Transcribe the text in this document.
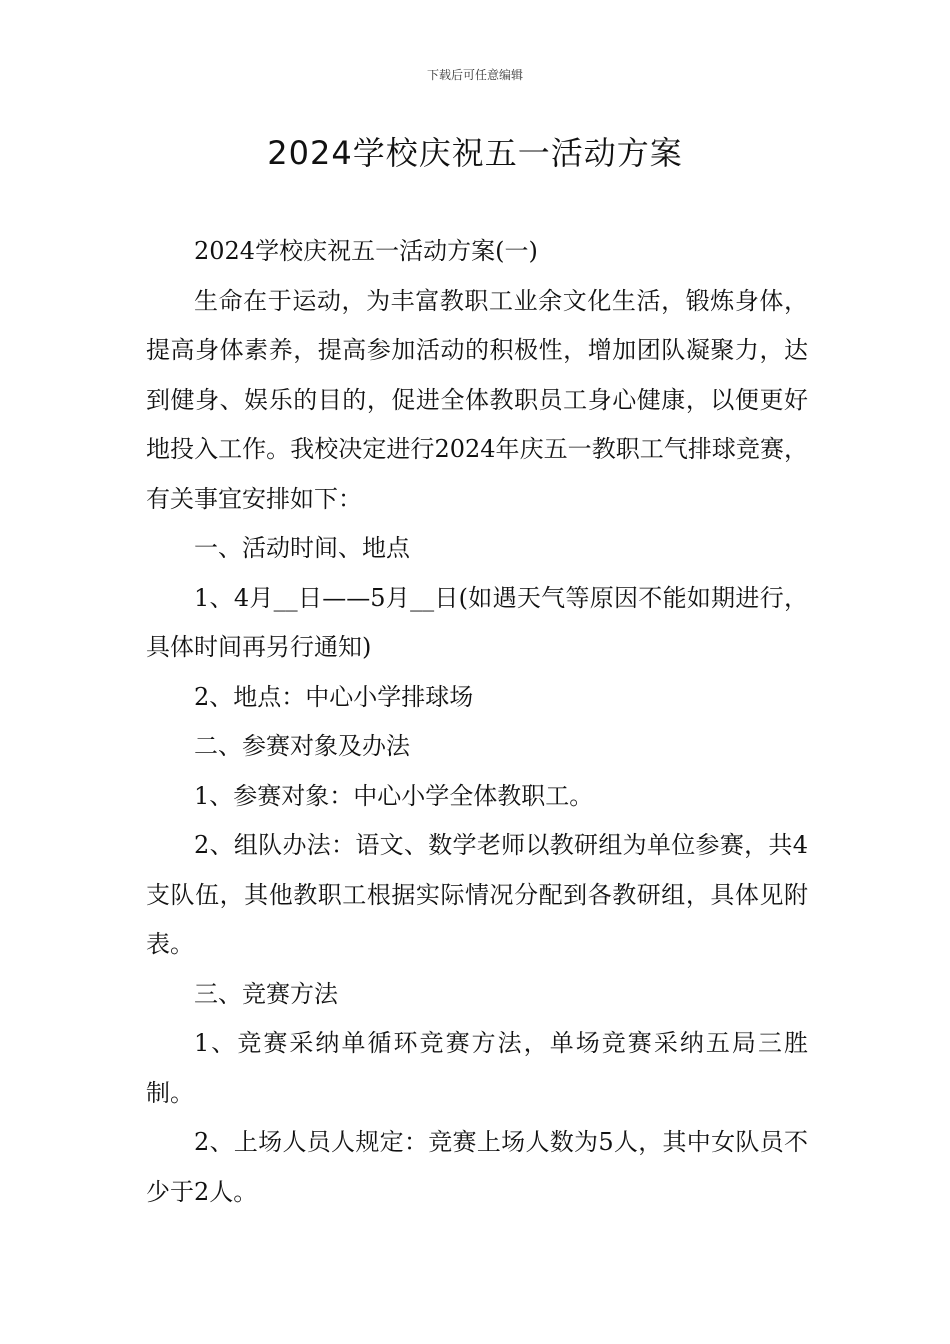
下载后可任意编辑
2024学校庆祝五一活动方案

2024学校庆祝五一活动方案(一)

生命在于运动，为丰富教职工业余文化生活，锻炼身体，提高身体素养，提高参加活动的积极性，增加团队凝聚力，达到健身、娱乐的目的，促进全体教职员工身心健康，以便更好地投入工作。我校决定进行2024年庆五一教职工气排球竞赛，有关事宜安排如下：

一、活动时间、地点

1、4月__日——5月__日(如遇天气等原因不能如期进行，具体时间再另行通知)

2、地点：中心小学排球场

二、参赛对象及办法

1、参赛对象：中心小学全体教职工。

2、组队办法：语文、数学老师以教研组为单位参赛，共4支队伍，其他教职工根据实际情况分配到各教研组，具体见附表。

三、竞赛方法

1、竞赛采纳单循环竞赛方法，单场竞赛采纳五局三胜制。

2、上场人员人规定：竞赛上场人数为5人，其中女队员不少于2人。
